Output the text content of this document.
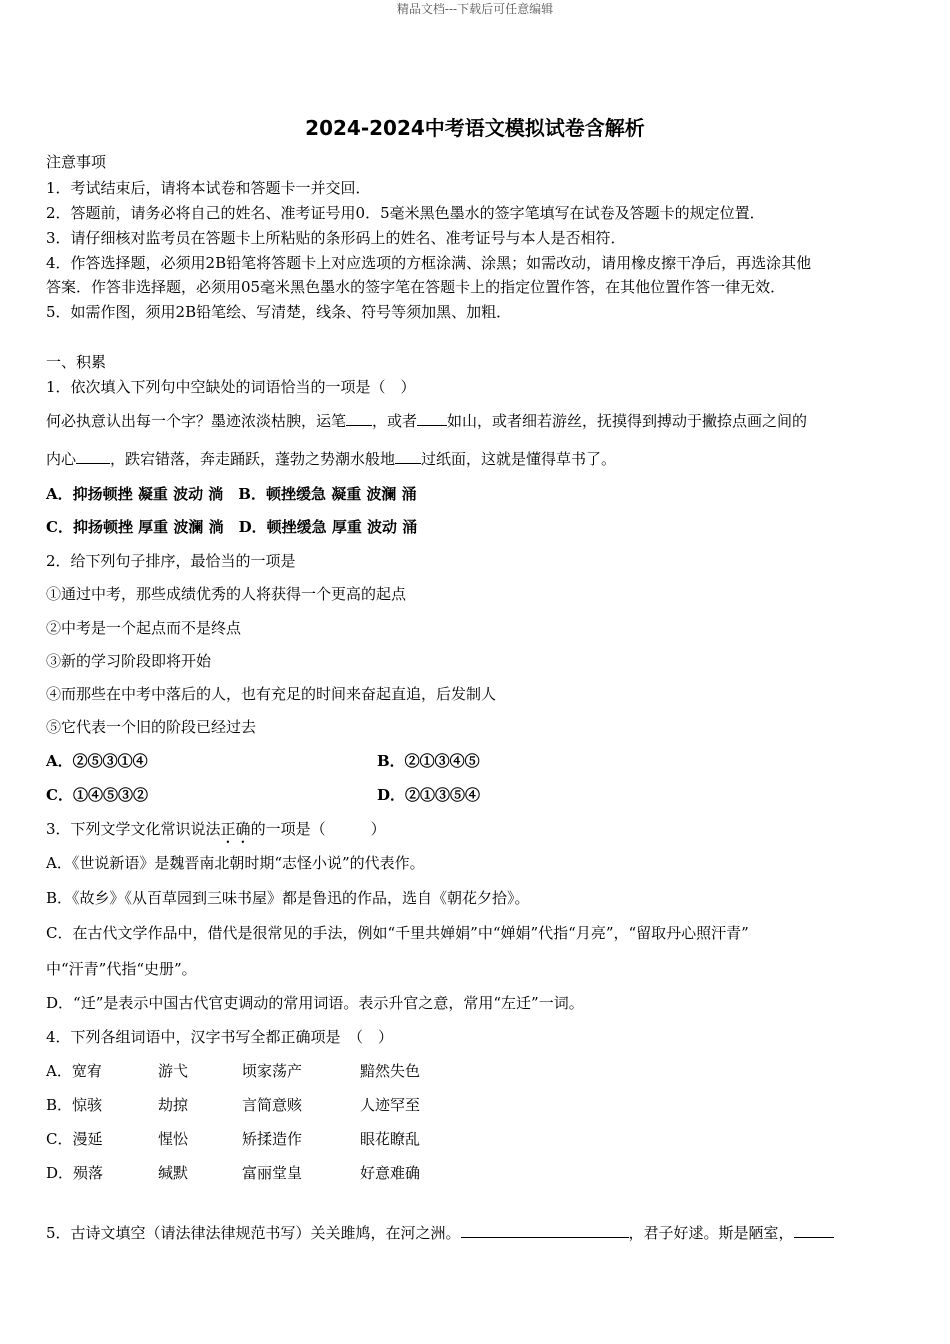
精品文档---下载后可任意编辑
2024-2024中考语文模拟试卷含解析
注意事项
1．考试结束后，请将本试卷和答题卡一并交回．
2．答题前，请务必将自己的姓名、准考证号用0．5毫米黑色墨水的签字笔填写在试卷及答题卡的规定位置．
3．请仔细核对监考员在答题卡上所粘贴的条形码上的姓名、准考证号与本人是否相符．
4．作答选择题，必须用2B铅笔将答题卡上对应选项的方框涂满、涂黑；如需改动，请用橡皮擦干净后，再选涂其他
答案．作答非选择题，必须用05毫米黑色墨水的签字笔在答题卡上的指定位置作答，在其他位置作答一律无效．
5．如需作图，须用2B铅笔绘、写清楚，线条、符号等须加黑、加粗．
一、积累
1．依次填入下列句中空缺处的词语恰当的一项是（　）
何必执意认出每一个字？墨迹浓淡枯腴，运笔 ，或者 如山，或者细若游丝，抚摸得到搏动于撇捺点画之间的
内心 ，跌宕错落，奔走踊跃，蓬勃之势潮水般地 过纸面，这就是懂得草书了。
A．抑扬顿挫 凝重 波动 淌　B．顿挫缓急 凝重 波澜 涌
C．抑扬顿挫 厚重 波澜 淌　D．顿挫缓急 厚重 波动 涌
2．给下列句子排序，最恰当的一项是
①通过中考，那些成绩优秀的人将获得一个更高的起点
②中考是一个起点而不是终点
③新的学习阶段即将开始
④而那些在中考中落后的人，也有充足的时间来奋起直追，后发制人
⑤它代表一个旧的阶段已经过去
A．②⑤③①④	B．②①③④⑤
C．①④⑤③②	D．②①③⑤④
3．下列文学文化常识说法正确的一项是（　　　）
A．《世说新语》是魏晋南北朝时期“志怪小说”的代表作。
B．《故乡》《从百草园到三味书屋》都是鲁迅的作品，选自《朝花夕拾》。
C．在古代文学作品中，借代是很常见的手法，例如“千里共婵娟”中“婵娟”代指“月亮”，“留取丹心照汗青”
中“汗青”代指“史册”。
D．“迁”是表示中国古代官吏调动的常用词语。表示升官之意，常用“左迁”一词。
4．下列各组词语中，汉字书写全都正确项是　（　）
A．宽宥	游弋	顷家荡产	黯然失色
B．惊骇	劫掠	言简意赅	人迹罕至
C．漫延	惺忪	矫揉造作	眼花瞭乱
D．殒落	缄默	富丽堂皇	好意难确
5．古诗文填空（请法律法律规范书写）关关雎鸠，在河之洲。	，君子好逑。斯是陋室，
